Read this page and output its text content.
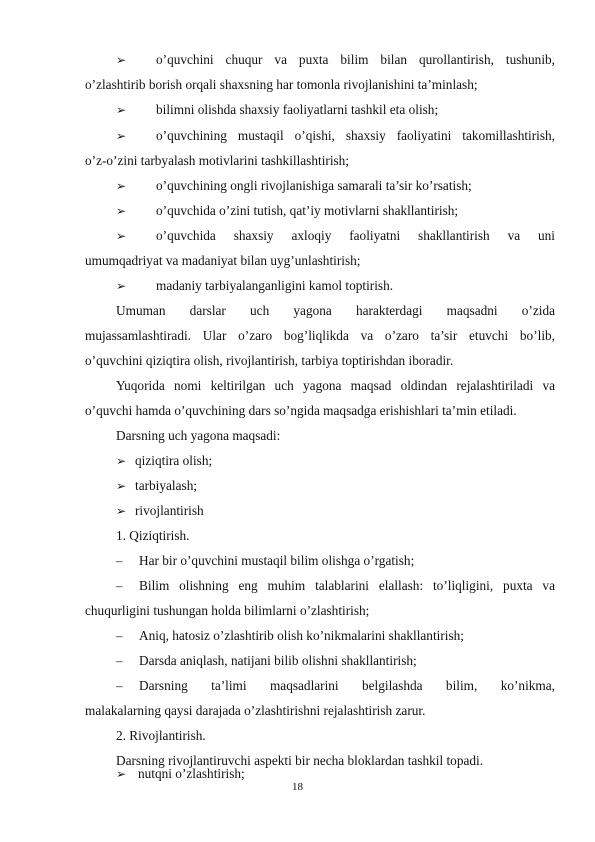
➢ o’quvchini chuqur va puxta bilim bilan qurollantirish, tushunib,
o’zlashtirib borish orqali shaxsning har tomonla rivojlanishini ta’minlash;
➢ bilimni olishda shaxsiy faoliyatlarni tashkil eta olish;
➢ o’quvchining mustaqil o’qishi, shaxsiy faoliyatini takomillashtirish,
o’z-o’zini tarbyalash motivlarini tashkillashtirish;
➢ o’quvchining ongli rivojlanishiga samarali ta’sir ko’rsatish;
➢ o’quvchida o’zini tutish, qat’iy motivlarni shakllantirish;
➢ o’quvchida shaxsiy axloqiy faoliyatni shakllantirish va uni
umumqadriyat va madaniyat bilan uyg’unlashtirish;
➢ madaniy tarbiyalanganligini kamol toptirish.
Umuman darslar uch yagona harakterdagi maqsadni o’zida
mujassamlashtiradi. Ular o’zaro bog’liqlikda va o’zaro ta’sir etuvchi bo’lib,
o’quvchini qiziqtira olish, rivojlantirish, tarbiya toptirishdan iboradir.
Yuqorida nomi keltirilgan uch yagona maqsad oldindan rejalashtiriladi va
o’quvchi hamda o’quvchining dars so’ngida maqsadga erishishlari ta’min etiladi.
Darsning uch yagona maqsadi:
➢ qiziqtira olish;
➢ tarbiyalash;
➢ rivojlantirish
1. Qiziqtirish.
– Har bir o’quvchini mustaqil bilim olishga o’rgatish;
– Bilim olishning eng muhim talablarini elallash: to’liqligini, puxta va
chuqurligini tushungan holda bilimlarni o’zlashtirish;
– Aniq, hatosiz o’zlashtirib olish ko’nikmalarini shakllantirish;
– Darsda aniqlash, natijani bilib olishni shakllantirish;
– Darsning ta’limi maqsadlarini belgilashda bilim, ko’nikma,
malakalarning qaysi darajada o’zlashtirishni rejalashtirish zarur.
2. Rivojlantirish.
Darsning rivojlantiruvchi aspekti bir necha bloklardan tashkil topadi.
➢ nutqni o’zlashtirish;
18
